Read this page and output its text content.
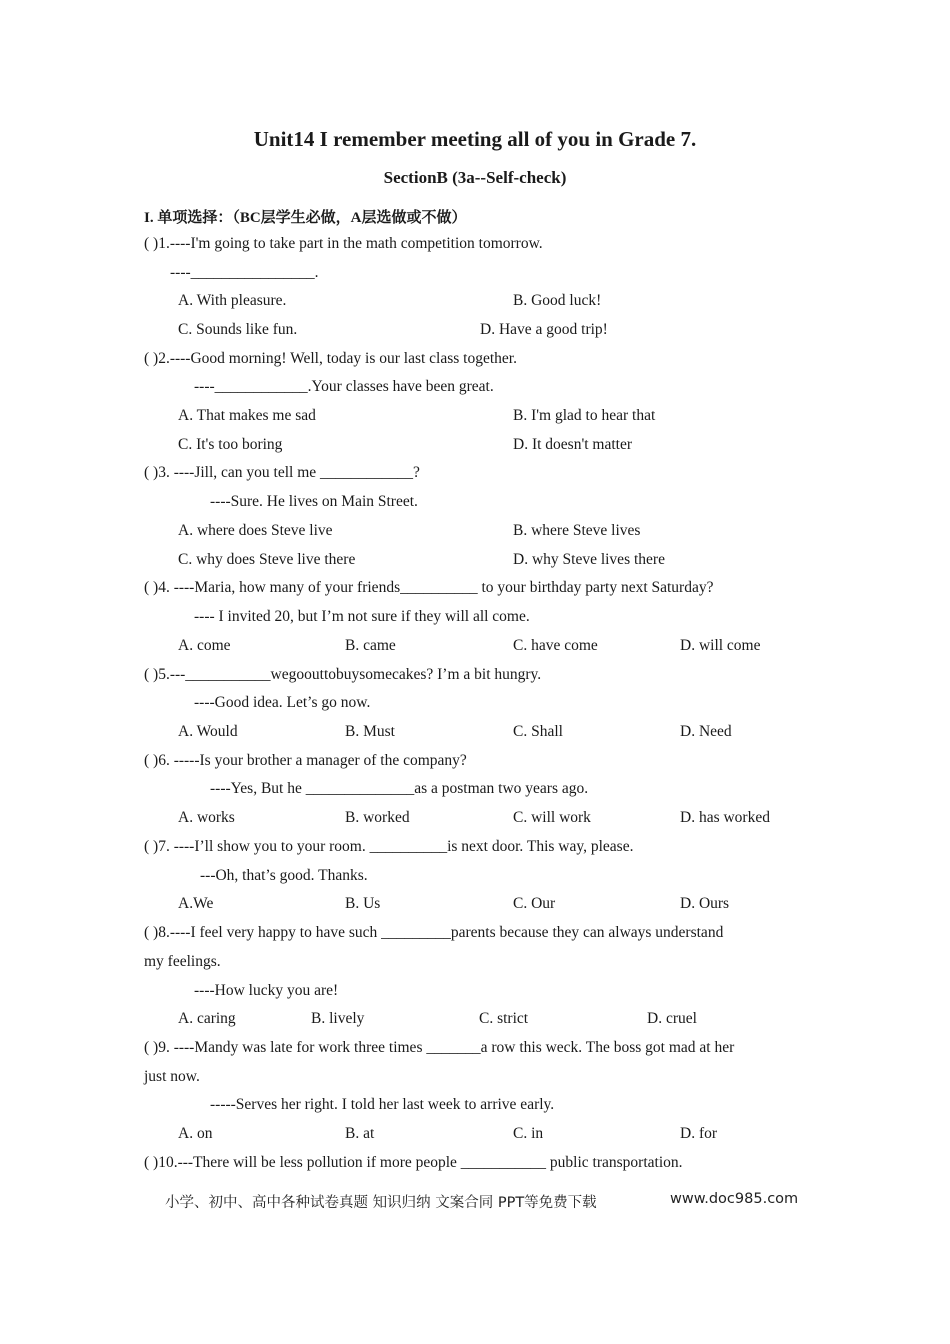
Unit14 I remember meeting all of you in Grade 7.
SectionB (3a--Self-check)
I. 单项选择：（BC层学生必做，A层选做或不做）
( )1.----I'm going to take part in the math competition tomorrow.
----________________.
A. With pleasure.	B. Good luck!
C. Sounds like fun.	D. Have a good trip!
( )2.----Good morning! Well, today is our last class together.
----____________.Your classes have been great.
A. That makes me sad	B. I'm glad to hear that
C. It's too boring	D. It doesn't matter
( )3. ----Jill, can you tell me ____________?
----Sure. He lives on Main Street.
A. where does Steve live	B. where Steve lives
C. why does Steve live there	D. why Steve lives there
( )4. ----Maria, how many of your friends__________ to your birthday party next Saturday?
---- I invited 20, but I’m not sure if they will all come.
A. come	B. came	C. have come	D. will come
( )5.---___________wegoouttobuysomecakes? I’m a bit hungry.
----Good idea. Let’s go now.
A. Would	B. Must	C. Shall	D. Need
( )6. -----Is your brother a manager of the company?
----Yes, But he ______________as a postman two years ago.
A. works	B. worked	C. will work	D. has worked
( )7. ----I’ll show you to your room. __________is next door. This way, please.
---Oh, that’s good. Thanks.
A.We	B. Us	C. Our	D. Ours
( )8.----I feel very happy to have such _________parents because they can always understand
my feelings.
----How lucky you are!
A. caring	B. lively	C. strict	D. cruel
( )9. ----Mandy was late for work three times _______a row this weck. The boss got mad at her
just now.
-----Serves her right. I told her last week to arrive early.
A. on	B. at	C. in	D. for
( )10.---There will be less pollution if more people ___________ public transportation.
小学、初中、高中各种试卷真题 知识归纳 文案合同 PPT等免费下载	www.doc985.com
